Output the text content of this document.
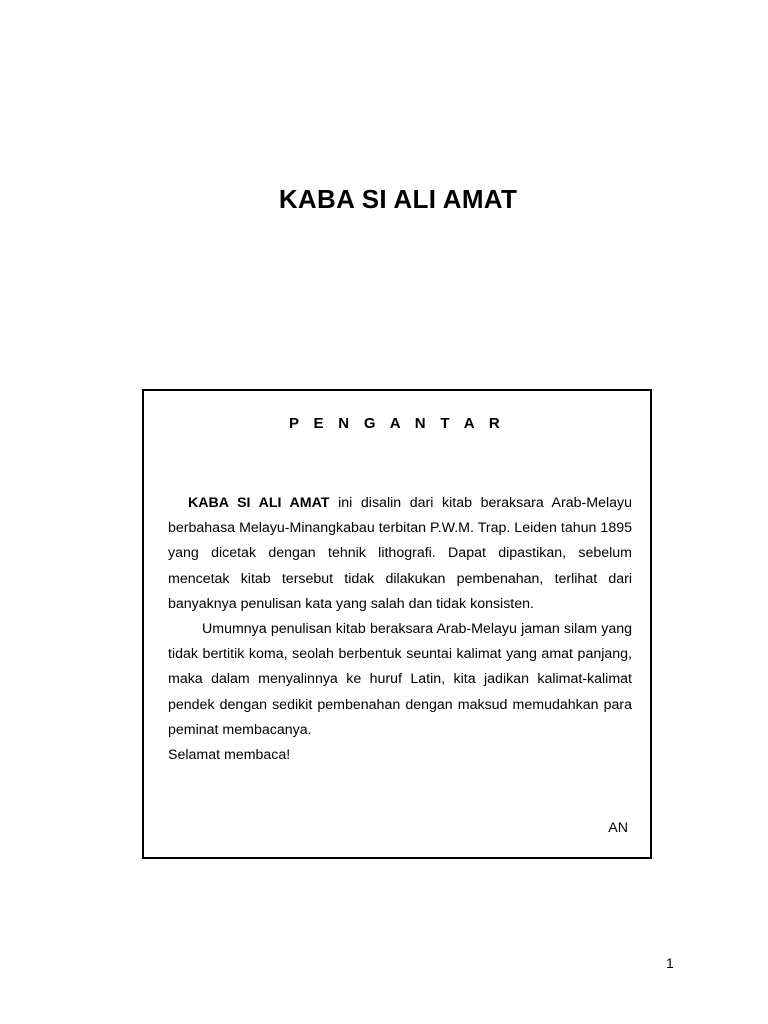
KABA SI ALI AMAT

P E N G A N T A R

KABA SI ALI AMAT ini disalin dari kitab beraksara Arab-Melayu berbahasa Melayu-Minangkabau terbitan P.W.M. Trap. Leiden tahun 1895 yang dicetak dengan tehnik lithografi. Dapat dipastikan, sebelum mencetak kitab tersebut tidak dilakukan pembenahan, terlihat dari banyaknya penulisan kata yang salah dan tidak konsisten.

Umumnya penulisan kitab beraksara Arab-Melayu jaman silam yang tidak bertitik koma, seolah berbentuk seuntai kalimat yang amat panjang, maka dalam menyalinnya ke huruf Latin, kita jadikan kalimat-kalimat pendek dengan sedikit pembenahan dengan maksud memudahkan para peminat membacanya.

Selamat membaca!

AN

1
